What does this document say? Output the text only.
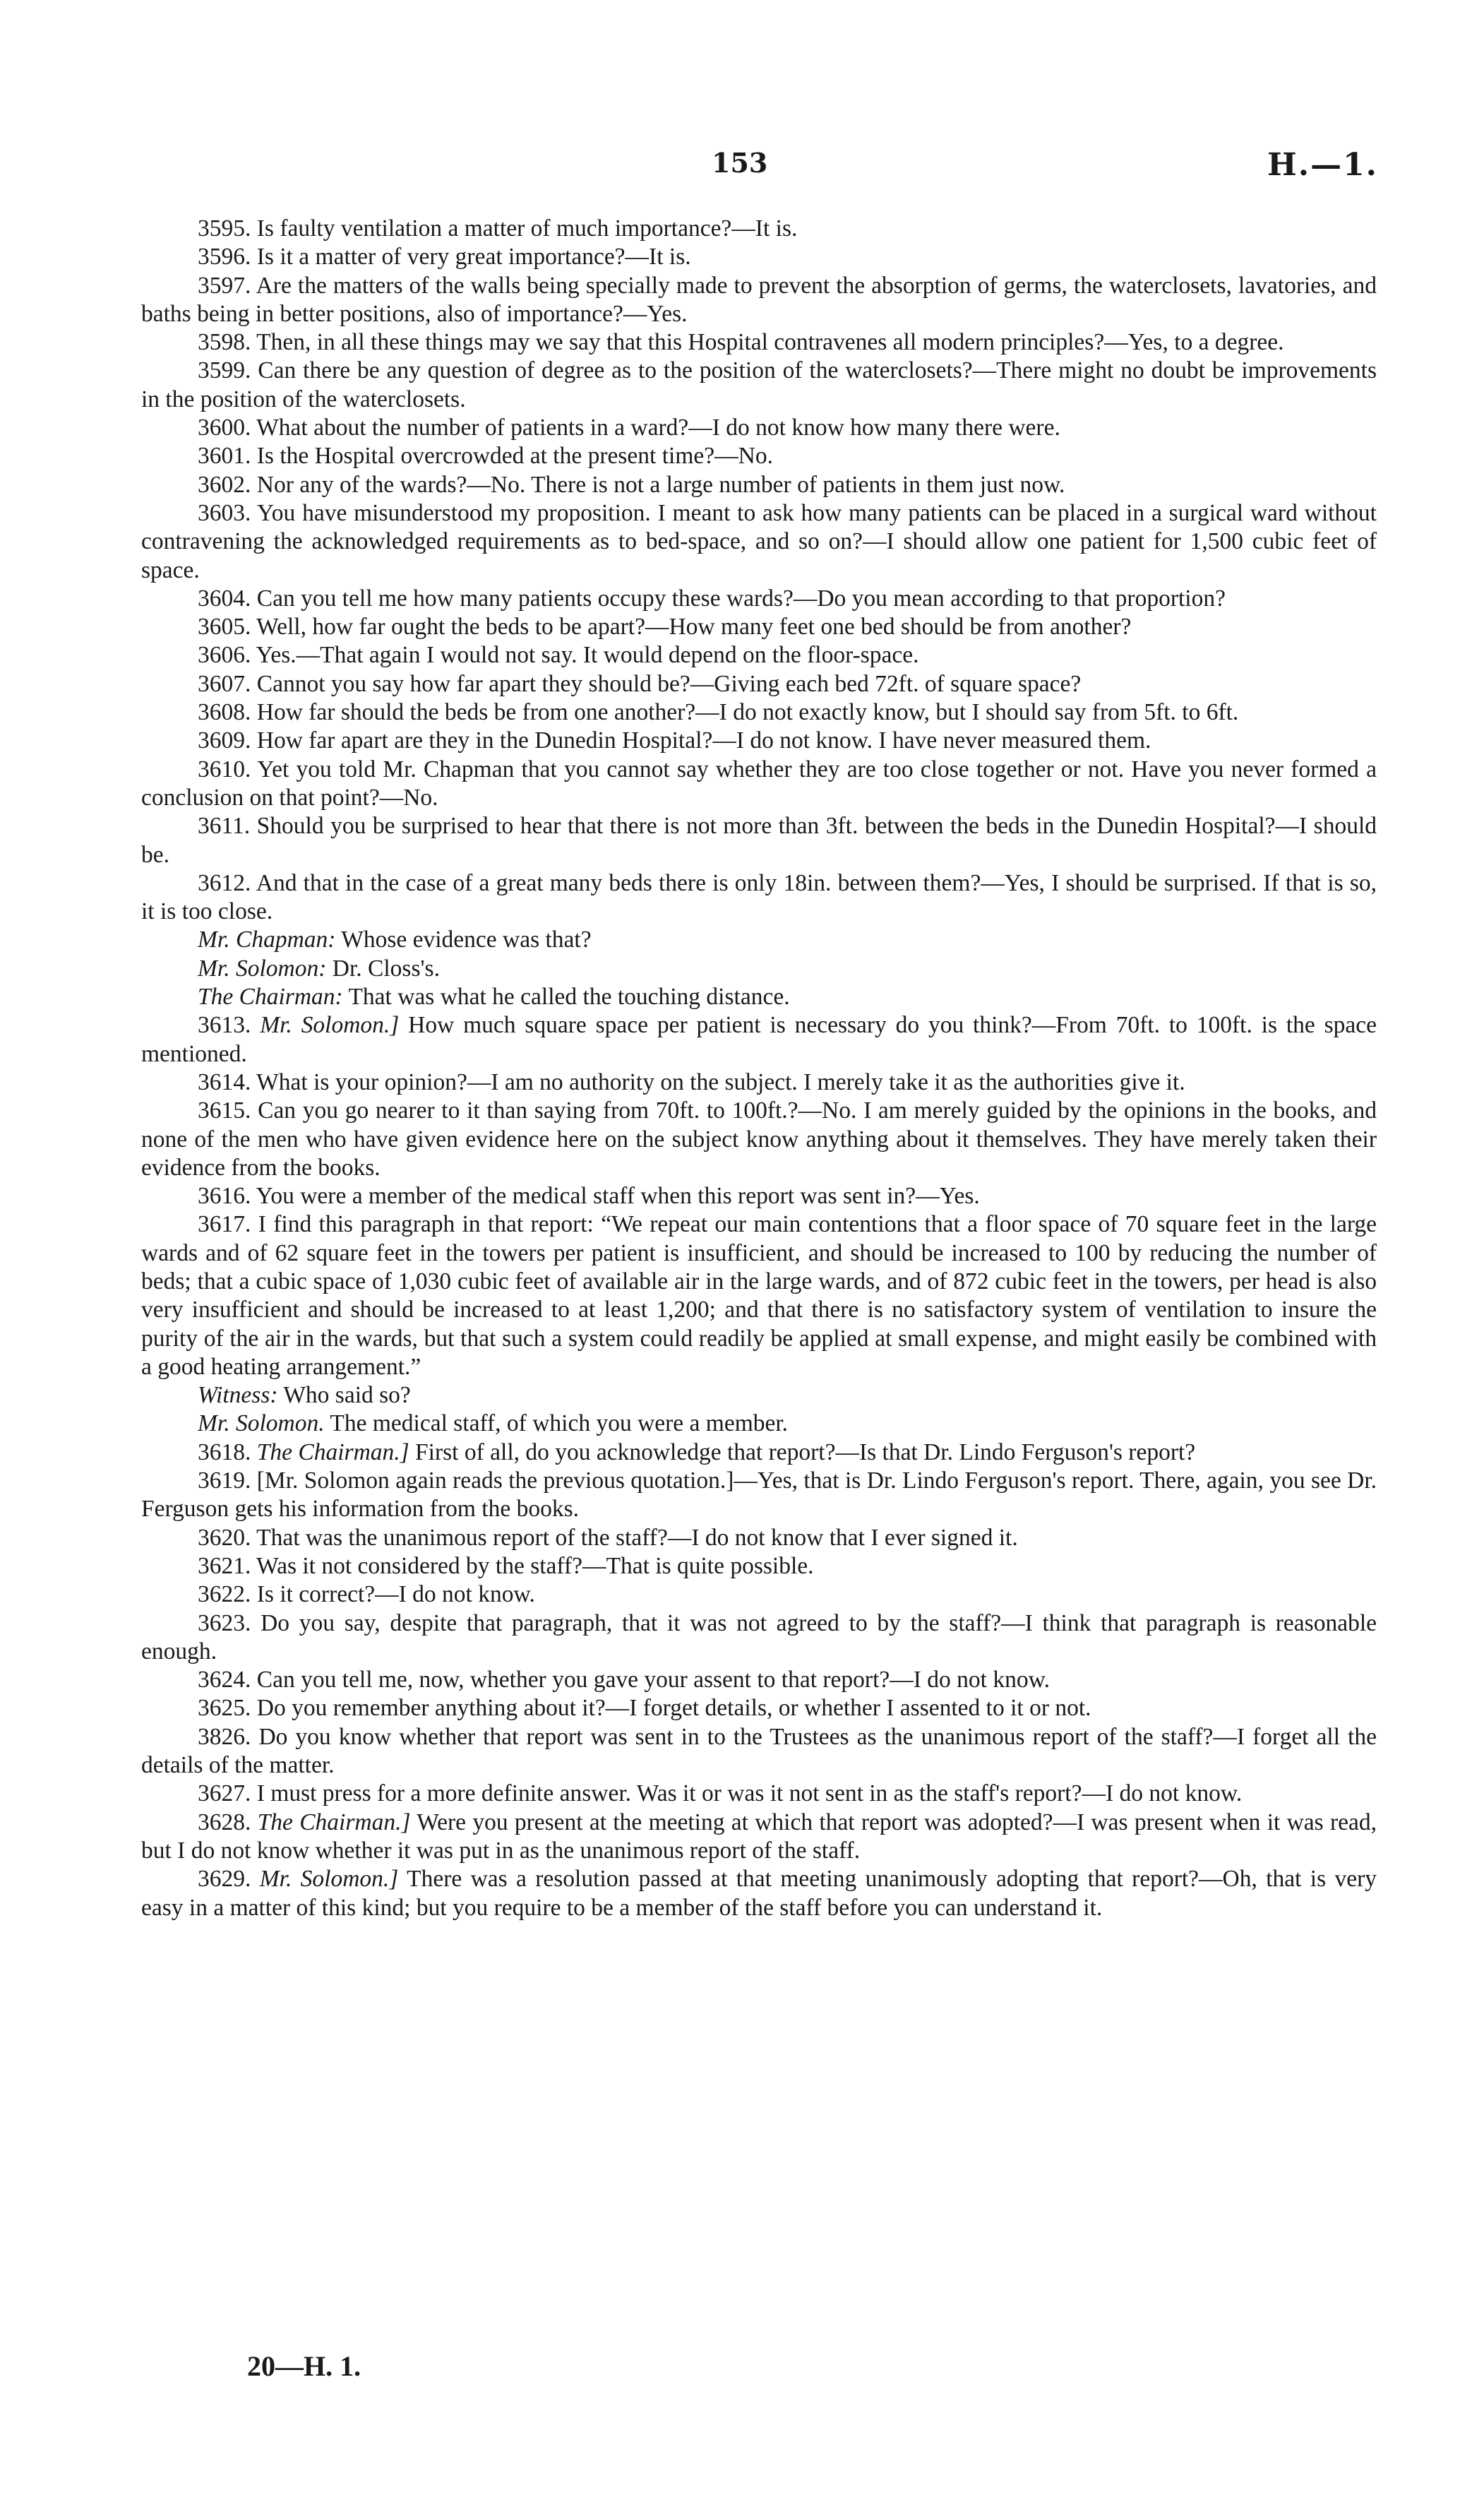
153	H.—1.

3595. Is faulty ventilation a matter of much importance?—It is.

3596. Is it a matter of very great importance?—It is.

3597. Are the matters of the walls being specially made to prevent the absorption of germs, the waterclosets, lavatories, and baths being in better positions, also of importance?—Yes.

3598. Then, in all these things may we say that this Hospital contravenes all modern principles?—Yes, to a degree.

3599. Can there be any question of degree as to the position of the waterclosets?—There might no doubt be improvements in the position of the waterclosets.

3600. What about the number of patients in a ward?—I do not know how many there were.

3601. Is the Hospital overcrowded at the present time?—No.

3602. Nor any of the wards?—No. There is not a large number of patients in them just now.

3603. You have misunderstood my proposition. I meant to ask how many patients can be placed in a surgical ward without contravening the acknowledged requirements as to bed-space, and so on?—I should allow one patient for 1,500 cubic feet of space.

3604. Can you tell me how many patients occupy these wards?—Do you mean according to that proportion?

3605. Well, how far ought the beds to be apart?—How many feet one bed should be from another?

3606. Yes.—That again I would not say. It would depend on the floor-space.

3607. Cannot you say how far apart they should be?—Giving each bed 72ft. of square space?

3608. How far should the beds be from one another?—I do not exactly know, but I should say from 5ft. to 6ft.

3609. How far apart are they in the Dunedin Hospital?—I do not know. I have never measured them.

3610. Yet you told Mr. Chapman that you cannot say whether they are too close together or not. Have you never formed a conclusion on that point?—No.

3611. Should you be surprised to hear that there is not more than 3ft. between the beds in the Dunedin Hospital?—I should be.

3612. And that in the case of a great many beds there is only 18in. between them?—Yes, I should be surprised. If that is so, it is too close.

Mr. Chapman: Whose evidence was that?

Mr. Solomon: Dr. Closs's.

The Chairman: That was what he called the touching distance.

3613. Mr. Solomon.] How much square space per patient is necessary do you think?—From 70ft. to 100ft. is the space mentioned.

3614. What is your opinion?—I am no authority on the subject. I merely take it as the authorities give it.

3615. Can you go nearer to it than saying from 70ft. to 100ft.?—No. I am merely guided by the opinions in the books, and none of the men who have given evidence here on the subject know anything about it themselves. They have merely taken their evidence from the books.

3616. You were a member of the medical staff when this report was sent in?—Yes.

3617. I find this paragraph in that report: “We repeat our main contentions that a floor space of 70 square feet in the large wards and of 62 square feet in the towers per patient is insufficient, and should be increased to 100 by reducing the number of beds; that a cubic space of 1,030 cubic feet of available air in the large wards, and of 872 cubic feet in the towers, per head is also very insufficient and should be increased to at least 1,200; and that there is no satisfactory system of ventilation to insure the purity of the air in the wards, but that such a system could readily be applied at small expense, and might easily be combined with a good heating arrangement.”

Witness: Who said so?

Mr. Solomon. The medical staff, of which you were a member.

3618. The Chairman.] First of all, do you acknowledge that report?—Is that Dr. Lindo Ferguson's report?

3619. [Mr. Solomon again reads the previous quotation.]—Yes, that is Dr. Lindo Ferguson's report. There, again, you see Dr. Ferguson gets his information from the books.

3620. That was the unanimous report of the staff?—I do not know that I ever signed it.

3621. Was it not considered by the staff?—That is quite possible.

3622. Is it correct?—I do not know.

3623. Do you say, despite that paragraph, that it was not agreed to by the staff?—I think that paragraph is reasonable enough.

3624. Can you tell me, now, whether you gave your assent to that report?—I do not know.

3625. Do you remember anything about it?—I forget details, or whether I assented to it or not.

3826. Do you know whether that report was sent in to the Trustees as the unanimous report of the staff?—I forget all the details of the matter.

3627. I must press for a more definite answer. Was it or was it not sent in as the staff's report?—I do not know.

3628. The Chairman.] Were you present at the meeting at which that report was adopted?—I was present when it was read, but I do not know whether it was put in as the unanimous report of the staff.

3629. Mr. Solomon.] There was a resolution passed at that meeting unanimously adopting that report?—Oh, that is very easy in a matter of this kind; but you require to be a member of the staff before you can understand it.

20—H. 1.
